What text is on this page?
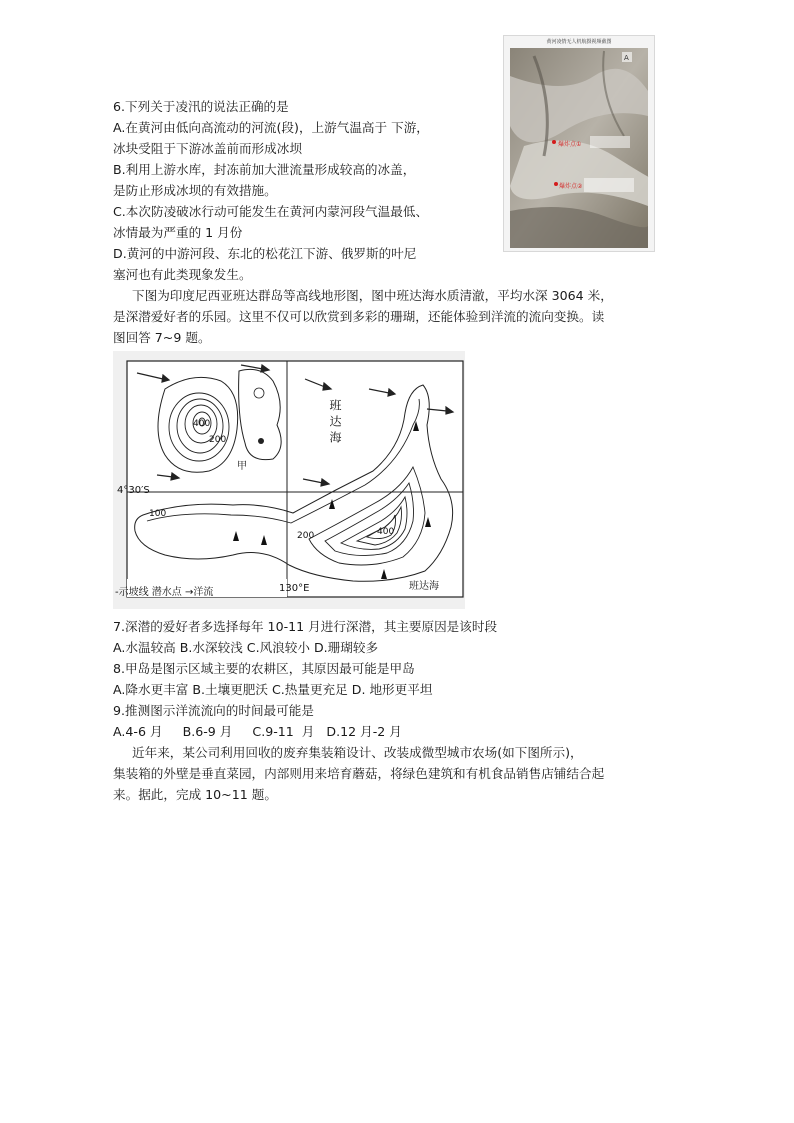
黄河凌情无人机航摄视频截图
A
爆炸点①
爆炸点②
6.下列关于凌汛的说法正确的是
A.在黄河由低向高流动的河流(段)，上游气温高于 下游，
冰块受阻于下游冰盖前而形成冰坝
B.利用上游水库，封冻前加大泄流量形成较高的冰盖，
是防止形成冰坝的有效措施。
C.本次防凌破冰行动可能发生在黄河内蒙河段气温最低、
冰情最为严重的 1 月份
D.黄河的中游河段、东北的松花江下游、俄罗斯的叶尼
塞河也有此类现象发生。
下图为印度尼西亚班达群岛等高线地形图，图中班达海水质清澈，平均水深 3064 米，
是深潜爱好者的乐园。这里不仅可以欣赏到多彩的珊瑚，还能体验到洋流的流向变换。读
图回答 7~9 题。
200
400
甲
4°30′S
班达海
100
200	400
130°E	班达海
-示坡线 潜水点 →洋流
7.深潜的爱好者多选择每年 10-11 月进行深潜，其主要原因是该时段
A.水温较高 B.水深较浅 C.风浪较小 D.珊瑚较多
8.甲岛是图示区域主要的农耕区，其原因最可能是甲岛
A.降水更丰富 B.土壤更肥沃 C.热量更充足 D. 地形更平坦
9.推测图示洋流流向的时间最可能是
A.4-6 月     B.6-9 月     C.9-11  月   D.12 月-2 月
近年来，某公司利用回收的废弃集装箱设计、改装成微型城市农场(如下图所示)，
集装箱的外壁是垂直菜园，内部则用来培育蘑菇，将绿色建筑和有机食品销售店铺结合起
来。据此，完成 10~11 题。
